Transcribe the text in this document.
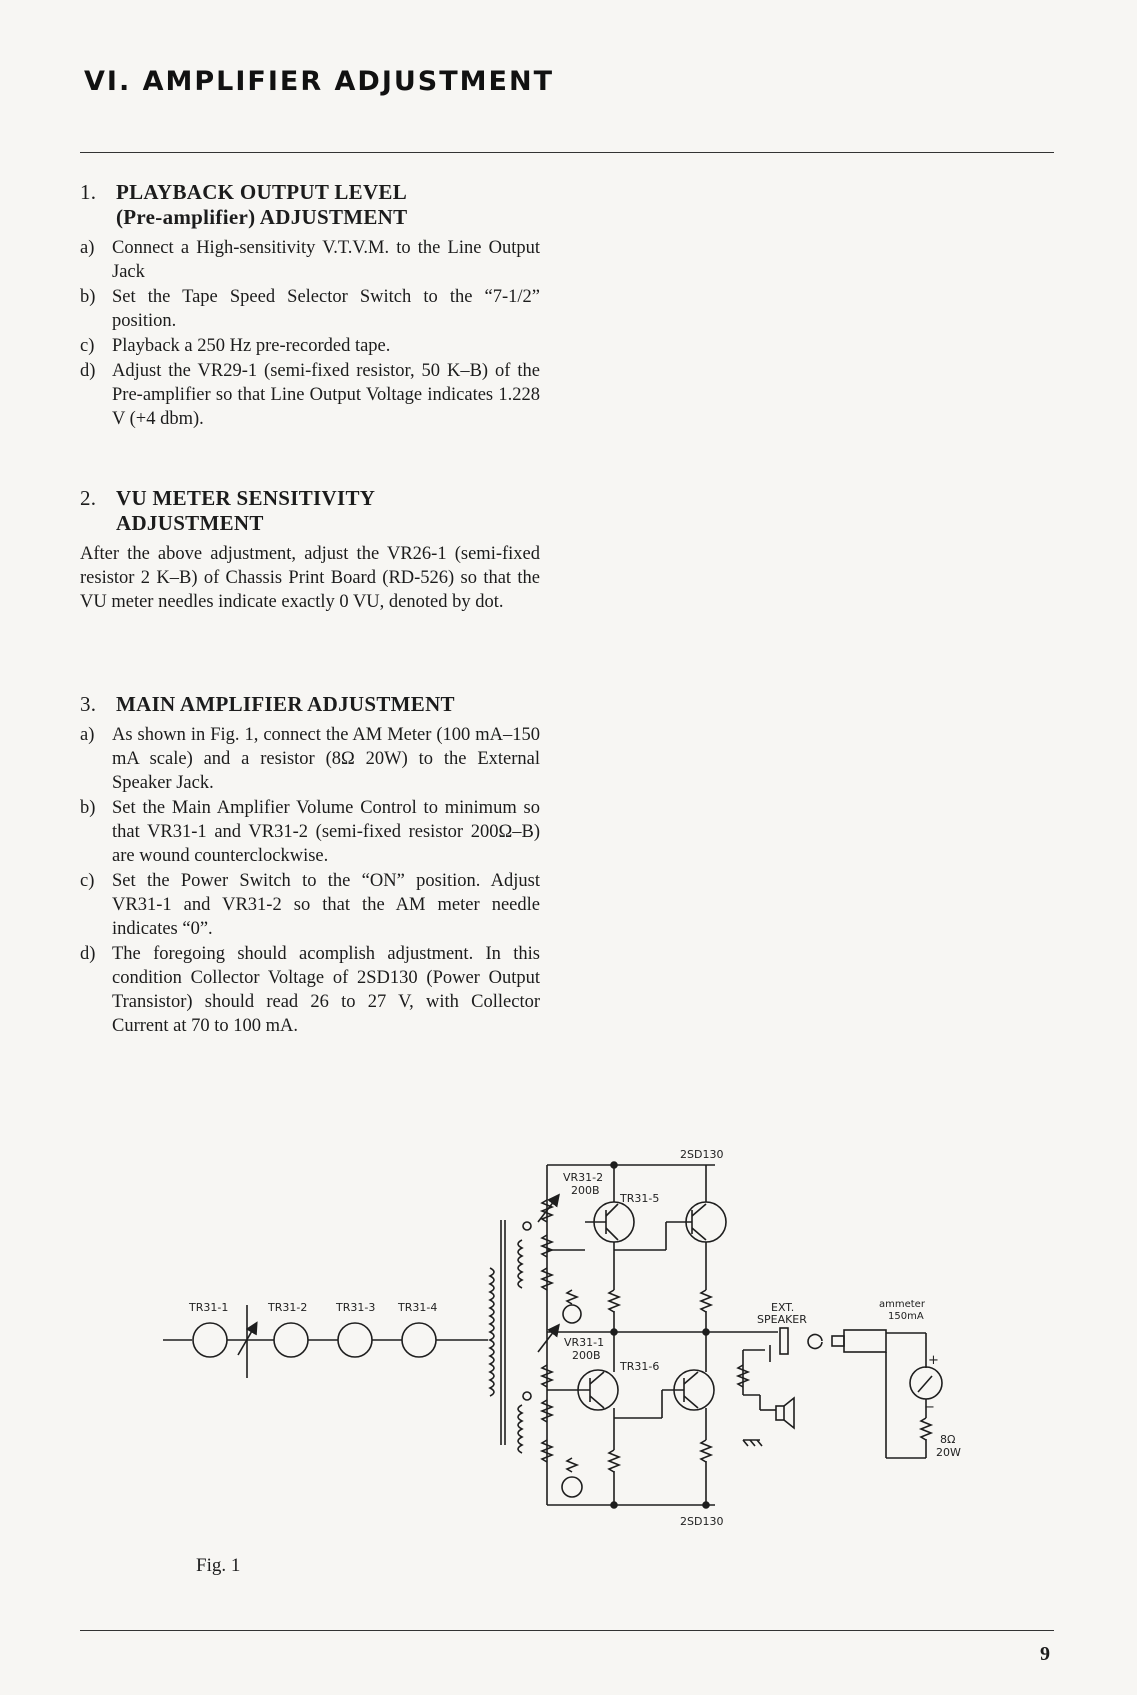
VI. AMPLIFIER ADJUSTMENT
1. PLAYBACK OUTPUT LEVEL
(Pre-amplifier) ADJUSTMENT
a) Connect a High-sensitivity V.T.V.M. to the Line Output Jack
b) Set the Tape Speed Selector Switch to the “7-1/2” position.
c) Playback a 250 Hz pre-recorded tape.
d) Adjust the VR29-1 (semi-fixed resistor, 50 K–B) of the Pre-amplifier so that Line Output Voltage indicates 1.228 V (+4 dbm).
2. VU METER SENSITIVITY
ADJUSTMENT

After the above adjustment, adjust the VR26-1 (semi-fixed resistor 2 K–B) of Chassis Print Board (RD-526) so that the VU meter needles indicate exactly 0 VU, denoted by dot.

3. MAIN AMPLIFIER ADJUSTMENT
a) As shown in Fig. 1, connect the AM Meter (100 mA–150 mA scale) and a resistor (8Ω 20W) to the External Speaker Jack.
b) Set the Main Amplifier Volume Control to minimum so that VR31-1 and VR31-2 (semi-fixed resistor 200Ω–B) are wound counterclockwise.
c) Set the Power Switch to the “ON” position. Adjust VR31-1 and VR31-2 so that the AM meter needle indicates “0”.
d) The foregoing should acomplish adjustment. In this condition Collector Voltage of 2SD130 (Power Output Transistor) should read 26 to 27 V, with Collector Current at 70 to 100 mA.
TR31-1	TR31-2	TR31-3 TR31-4
TR31-5
TR31-6
VR31-2
200B
VR31-1
200B
2SD130
2SD130
EXT.
SPEAKER
ammeter
150mA
+
−
8Ω
20W
Fig. 1
9
